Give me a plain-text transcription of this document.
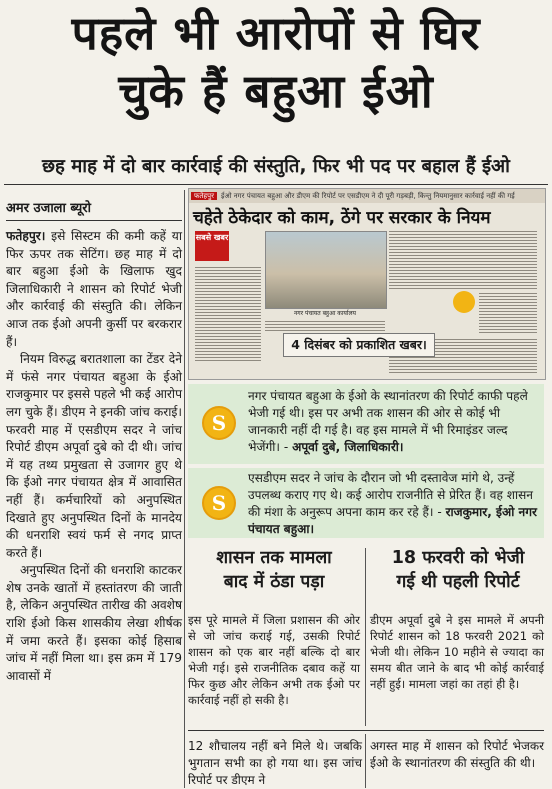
पहले भी आरोपों से घिर
चुके हैं बहुआ ईओ
छह माह में दो बार कार्रवाई की संस्तुति, फिर भी पद पर बहाल हैं ईओ
अमर उजाला ब्यूरो

फतेहपुर। इसे सिस्टम की कमी कहें या फिर ऊपर तक सेटिंग। छह माह में दो बार बहुआ ईओ के खिलाफ खुद जिलाधिकारी ने शासन को रिपोर्ट भेजी और कार्रवाई की संस्तुति की। लेकिन आज तक ईओ अपनी कुर्सी पर बरकरार हैं।

नियम विरुद्ध बरातशाला का टेंडर देने में फंसे नगर पंचायत बहुआ के ईओ राजकुमार पर इससे पहले भी कई आरोप लग चुके हैं। डीएम ने इनकी जांच कराई। फरवरी माह में एसडीएम सदर ने जांच रिपोर्ट डीएम अपूर्वा दुबे को दी थी। जांच में यह तथ्य प्रमुखता से उजागर हुए थे कि ईओ नगर पंचायत क्षेत्र में आवासित नहीं हैं। कर्मचारियों को अनुपस्थित दिखाते हुए अनुपस्थित दिनों के मानदेय की धनराशि स्वयं फर्म से नगद प्राप्त करते हैं।

अनुपस्थित दिनों की धनराशि काटकर शेष उनके खातों में हस्तांतरण की जाती है, लेकिन अनुपस्थित तारीख की अवशेष राशि ईओ किस शासकीय लेखा शीर्षक में जमा करते हैं। इसका कोई हिसाब जांच में नहीं मिला था। इस क्रम में 179 आवासों में

फतेहपुर ईओ नगर पंचायत बहुआ और डीएम की रिपोर्ट पर एसडीएम ने दी पूरी गड़बड़ी, किन्तु नियमानुसार कार्रवाई नहीं की गई
चहेते ठेकेदार को काम, ठेंगे पर सरकार के नियम
सबसे खबर
नगर पंचायत बहुआ कार्यालय
4 दिसंबर को प्रकाशित खबर।
S
नगर पंचायत बहुआ के ईओ के स्थानांतरण की रिपोर्ट काफी पहले भेजी गई थी। इस पर अभी तक शासन की ओर से कोई भी जानकारी नहीं दी गई है। वह इस मामले में भी रिमाइंडर जल्द भेजेंगी। - अपूर्वा दुबे, जिलाधिकारी।
S
एसडीएम सदर ने जांच के दौरान जो भी दस्तावेज मांगे थे, उन्हें उपलब्ध कराए गए थे। कई आरोप राजनीति से प्रेरित हैं। वह शासन की मंशा के अनुरूप अपना काम कर रहे हैं। - राजकुमार, ईओ नगर पंचायत बहुआ।
शासन तक मामला
बाद में ठंडा पड़ा
इस पूरे मामले में जिला प्रशासन की ओर से जो जांच कराई गई, उसकी रिपोर्ट शासन को एक बार नहीं बल्कि दो बार भेजी गई। इसे राजनीतिक दबाव कहें या फिर कुछ और लेकिन अभी तक ईओ पर कार्रवाई नहीं हो सकी है।
18 फरवरी को भेजी
गई थी पहली रिपोर्ट
डीएम अपूर्वा दुबे ने इस मामले में अपनी रिपोर्ट शासन को 18 फरवरी 2021 को भेजी थी। लेकिन 10 महीने से ज्यादा का समय बीत जाने के बाद भी कोई कार्रवाई नहीं हुई। मामला जहां का तहां ही है।
12 शौचालय नहीं बने मिले थे। जबकि भुगतान सभी का हो गया था। इस जांच रिपोर्ट पर डीएम ने
अगस्त माह में शासन को रिपोर्ट भेजकर ईओ के स्थानांतरण की संस्तुति की थी।
